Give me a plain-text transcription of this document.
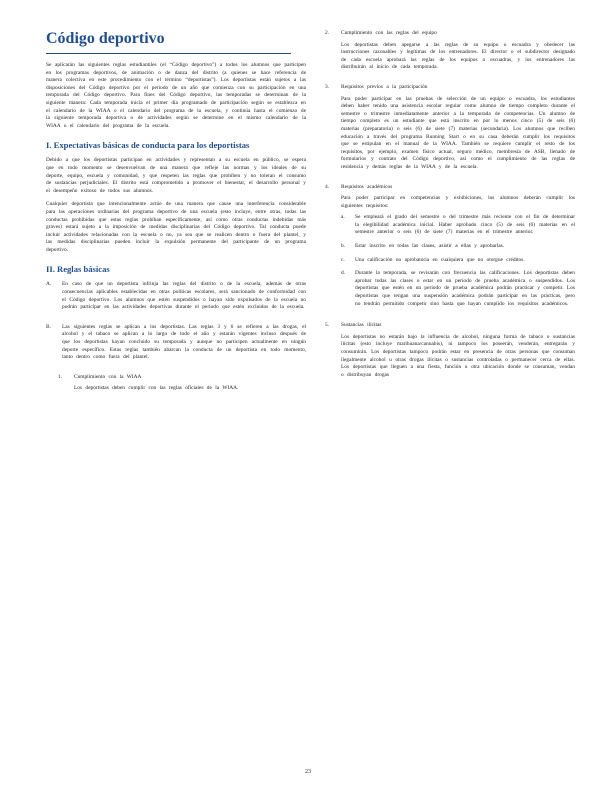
Código deportivo

Se aplicarán las siguientes reglas estudiantiles (el “Código deportivo”) a todos los alumnos que participen en los programas deportivos, de animación o de danza del distrito (a quienes se hace referencia de manera colectiva en este procedimiento con el término “deportistas”). Los deportistas están sujetos a las disposiciones del Código deportivo por el periodo de un año que comienza con su participación en una temporada del Código deportivo. Para fines del Código deportivo, las temporadas se determinan de la siguiente manera: Cada temporada inicia el primer día programado de participación según se establezca en el calendario de la WIAA o el calendario del programa de la escuela, y continúa hasta el comienzo de la siguiente temporada deportiva o de actividades según se determine en el mismo calendario de la WIAA o el calendario del programa de la escuela.

I. Expectativas básicas de conducta para los deportistas

Debido a que los deportistas participan en actividades y representan a su escuela en público, se espera que en todo momento se desenvuelvan de una manera que refleje las normas y los ideales de su deporte, equipo, escuela y comunidad, y que respeten las reglas que prohíben y no toleran el consumo de sustancias perjudiciales. El distrito está comprometido a promover el bienestar, el desarrollo personal y el desempeño exitoso de todos sus alumnos.

Cualquier deportista que intencionalmente actúe de una manera que cause una interferencia considerable para las operaciones ordinarias del programa deportivo de una escuela (esto incluye, entre otras, todas las conductas prohibidas que estas reglas prohíban específicamente, así como otras conductas indebidas más graves) estará sujeto a la imposición de medidas disciplinarias del Código deportivo. Tal conducta puede incluir actividades relacionadas con la escuela o no, ya sea que se realicen dentro o fuera del plantel, y las medidas disciplinarias pueden incluir la expulsión permanente del participante de un programa deportivo.

II. Reglas básicas
A.	En caso de que un deportista infrinja las reglas del distrito o de la escuela, además de otras consecuencias aplicables establecidas en otras políticas escolares, será sancionado de conformidad con el Código deportivo. Los alumnos que estén suspendidos o hayan sido expulsados de la escuela no podrán participar en las actividades deportivas durante el periodo que estén excluidos de la escuela.

B.	Las siguientes reglas se aplican a los deportistas. Las reglas 3 y 6 se refieren a las drogas, el alcohol y el tabaco se aplican a lo largo de todo el año y estarán vigentes incluso después de que los deportistas hayan concluido su temporada y aunque no participen actualmente en ningún deporte específico. Estas reglas también abarcan la conducta de un deportista en todo momento, tanto dentro como fuera del plantel.

1.	Cumplimiento con la WIAA

Los deportistas deben cumplir con las reglas oficiales de la WIAA.

2.	Cumplimiento con las reglas del equipo

Los deportistas deben apegarse a las reglas de su equipo o escuadra y obedecer las instrucciones razonables y legítimas de los entrenadores. El director o el subdirector designado de cada escuela aprobará las reglas de los equipos o escuadras, y los entrenadores las distribuirán al inicio de cada temporada.

3.	Requisitos previos a la participación

Para poder participar en las pruebas de selección de un equipo o escuadra, los estudiantes deben haber tenido una asistencia escolar regular como alumno de tiempo completo durante el semestre o trimestre inmediatamente anterior a la temporada de competencias. Un alumno de tiempo completo es un estudiante que está inscrito en por lo menos cinco (5) de seis (6) materias (preparatoria) o seis (6) de siete (7) materias (secundaria). Los alumnos que reciben educación a través del programa Running Start o en su casa deberán cumplir los requisitos que se estipulan en el manual de la WIAA. También se requiere cumplir el resto de los requisitos, por ejemplo, examen físico actual, seguro médico, membresía de ASB, llenado de formularios y contrato del Código deportivo, así como el cumplimiento de las reglas de residencia y demás reglas de la WIAA y de la escuela.

4.	Requisitos académicos

Para poder participar en competencias y exhibiciones, los alumnos deberán cumplir los siguientes requisitos:

a.	Se empleará el grado del semestre o del trimestre más reciente con el fin de determinar la elegibilidad académica inicial. Haber aprobado cinco (5) de seis (6) materias en el semestre anterior o seis (6) de siete (7) materias en el trimestre anterior.

b.	Estar inscrito en todas las clases, asistir a ellas y aprobarlas.

c.	Una calificación no aprobatoria en cualquiera que no otorgue créditos.

d.	Durante la temporada, se revisarán con frecuencia las calificaciones. Los deportistas deben aprobar todas las clases o estar en un periodo de prueba académica o suspendidos. Los deportistas que estén en un periodo de prueba académica podrán practicar y competir. Los deportistas que tengan una suspensión académica podrán participar en las prácticas, pero no tendrán permitido competir sino hasta que hayan cumplido los requisitos académicos.

5.	Sustancias ilícitas

Los deportistas no estarán bajo la influencia de alcohol, ninguna forma de tabaco o sustancias ilícitas (esto incluye marihuana/cannabis), ni tampoco los poseerán, venderán, entregarán y consumirán. Los deportistas tampoco podrán estar en presencia de otras personas que consuman ilegalmente alcohol u otras drogas ilícitas o sustancias controladas o permanecer cerca de ellas. Los deportistas que lleguen a una fiesta, función u otra ubicación donde se consuman, vendan o distribuyan drogas

23
